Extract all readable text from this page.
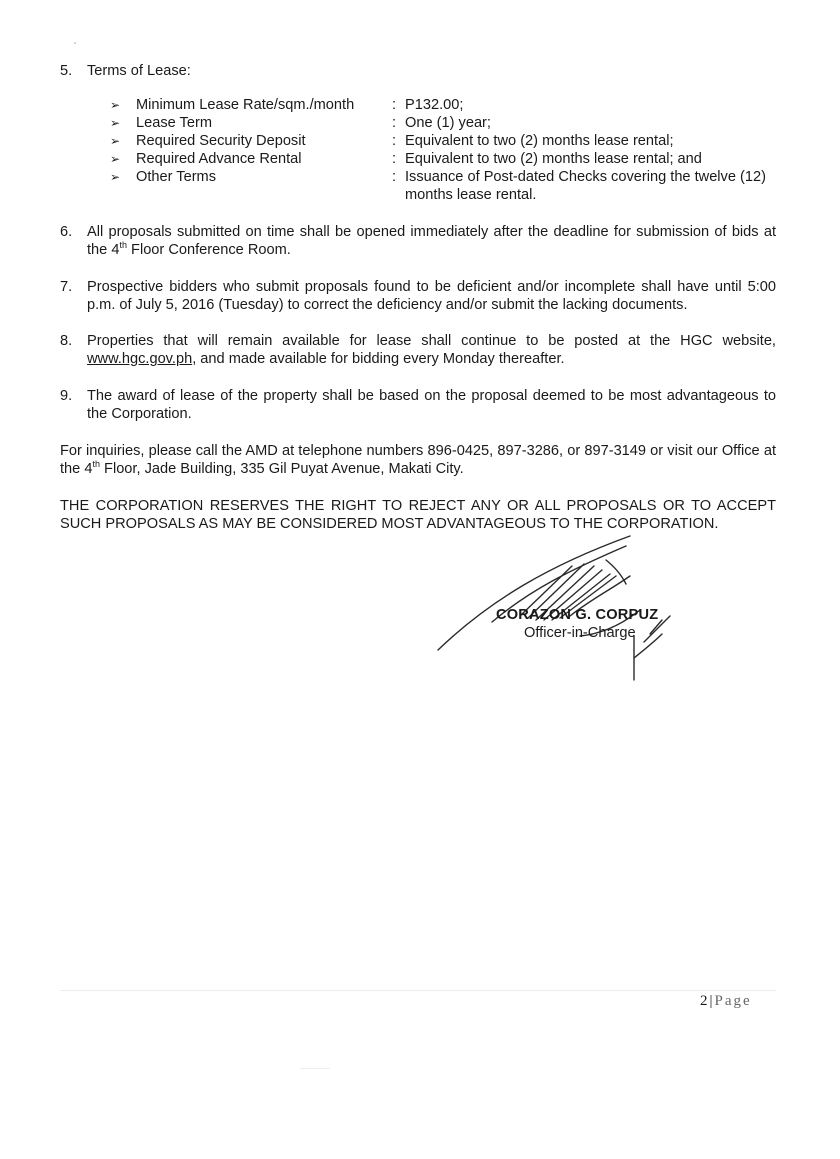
5.	Terms of Lease:

➢	Minimum Lease Rate/sqm./month	: P132.00;
➢	Lease Term	: One (1) year;
➢	Required Security Deposit	: Equivalent to two (2) months lease rental;
➢	Required Advance Rental	: Equivalent to two (2) months lease rental; and
➢	Other Terms	: Issuance of Post-dated Checks covering the twelve (12) months lease rental.
6.	All proposals submitted on time shall be opened immediately after the deadline for submission of bids at the 4th Floor Conference Room.

7.	Prospective bidders who submit proposals found to be deficient and/or incomplete shall have until 5:00 p.m. of July 5, 2016 (Tuesday) to correct the deficiency and/or submit the lacking documents.

8.	Properties that will remain available for lease shall continue to be posted at the HGC website, www.hgc.gov.ph, and made available for bidding every Monday thereafter.

9.	The award of lease of the property shall be based on the proposal deemed to be most advantageous to the Corporation.

For inquiries, please call the AMD at telephone numbers 896-0425, 897-3286, or 897-3149 or visit our Office at the 4th Floor, Jade Building, 335 Gil Puyat Avenue, Makati City.

THE CORPORATION RESERVES THE RIGHT TO REJECT ANY OR ALL PROPOSALS OR TO ACCEPT SUCH PROPOSALS AS MAY BE CONSIDERED MOST ADVANTAGEOUS TO THE CORPORATION.

CORAZON G. CORPUZ
Officer-in-Charge
2 | Page
